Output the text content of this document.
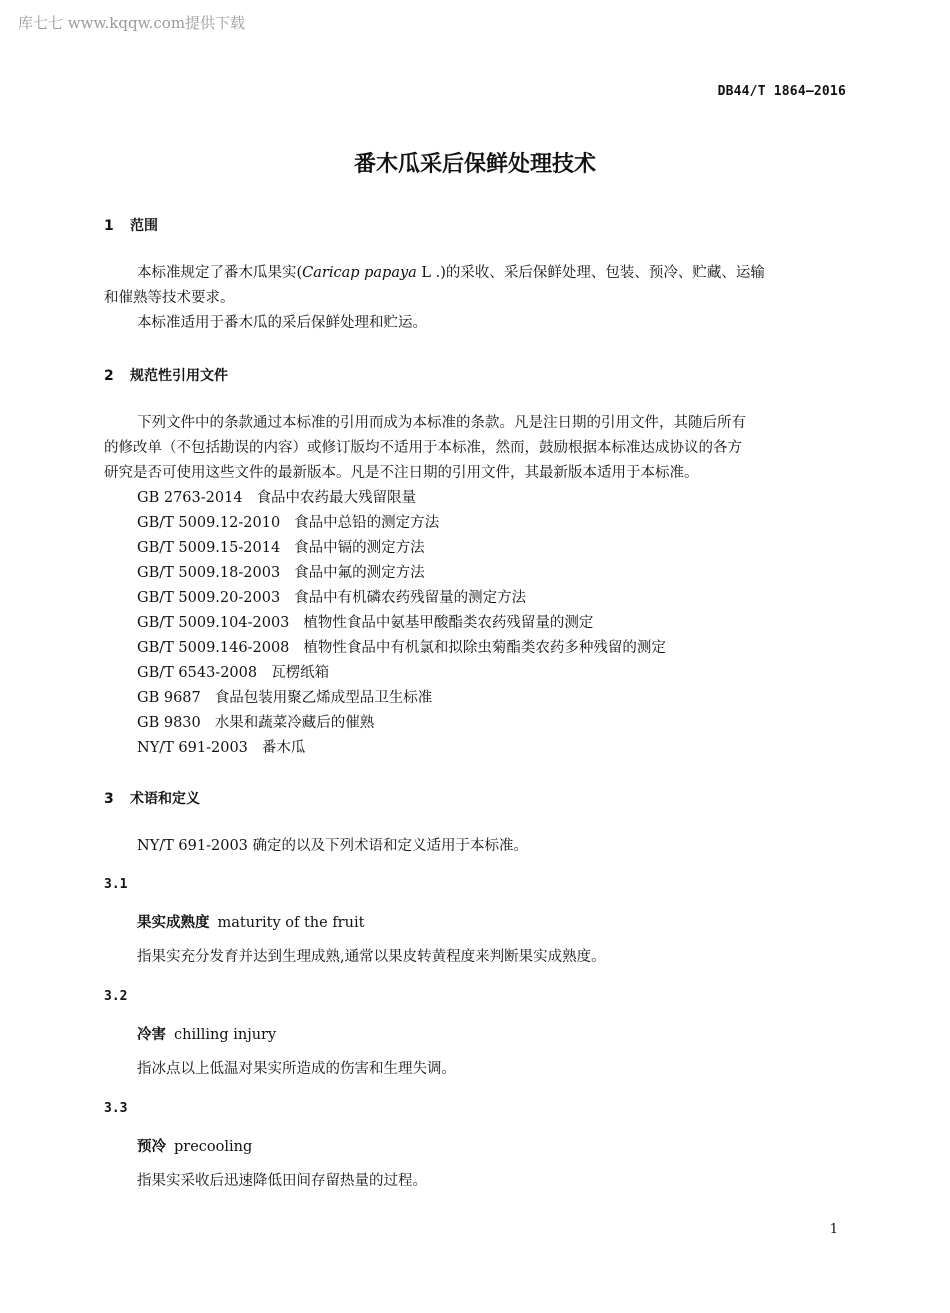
库七七 www.kqqw.com提供下载
DB44/T 1864—2016
番木瓜采后保鲜处理技术
1 范围
本标准规定了番木瓜果实(Caricap papaya L .)的采收、采后保鲜处理、包装、预冷、贮藏、运输
和催熟等技术要求。
本标准适用于番木瓜的采后保鲜处理和贮运。
2 规范性引用文件
下列文件中的条款通过本标准的引用而成为本标准的条款。凡是注日期的引用文件，其随后所有
的修改单（不包括勘误的内容）或修订版均不适用于本标准，然而，鼓励根据本标准达成协议的各方
研究是否可使用这些文件的最新版本。凡是不注日期的引用文件，其最新版本适用于本标准。
GB 2763-2014 食品中农药最大残留限量
GB/T 5009.12-2010 食品中总铅的测定方法
GB/T 5009.15-2014 食品中镉的测定方法
GB/T 5009.18-2003 食品中氟的测定方法
GB/T 5009.20-2003 食品中有机磷农药残留量的测定方法
GB/T 5009.104-2003 植物性食品中氨基甲酸酯类农药残留量的测定
GB/T 5009.146-2008 植物性食品中有机氯和拟除虫菊酯类农药多种残留的测定
GB/T 6543-2008 瓦楞纸箱
GB 9687 食品包装用聚乙烯成型品卫生标准
GB 9830 水果和蔬菜冷藏后的催熟
NY/T 691-2003 番木瓜
3 术语和定义
NY/T 691-2003 确定的以及下列术语和定义适用于本标准。
3.1
果实成熟度 maturity of the fruit
指果实充分发育并达到生理成熟,通常以果皮转黄程度来判断果实成熟度。
3.2
冷害 chilling injury
指冰点以上低温对果实所造成的伤害和生理失调。
3.3
预冷 precooling
指果实采收后迅速降低田间存留热量的过程。
1
